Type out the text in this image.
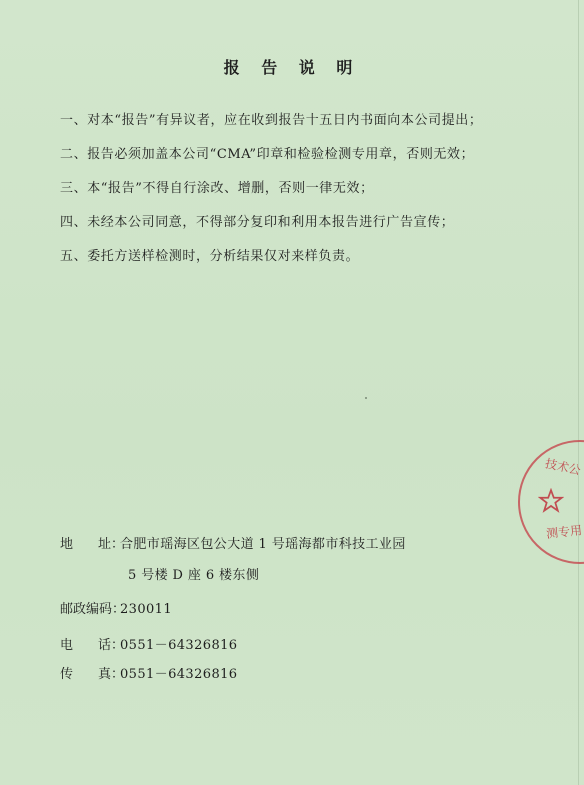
报 告 说 明
一、对本“报告”有异议者，应在收到报告十五日内书面向本公司提出；
二、报告必须加盖本公司“CMA”印章和检验检测专用章，否则无效；
三、本“报告”不得自行涂改、增删，否则一律无效；
四、未经本公司同意，不得部分复印和利用本报告进行广告宣传；
五、委托方送样检测时，分析结果仅对来样负责。
地 址：合肥市瑶海区包公大道 1 号瑶海都市科技工业园
5 号楼 D 座 6 楼东侧
邮政编码：230011
电 话：0551－64326816
传 真：0551－64326816
技术公
测专用
